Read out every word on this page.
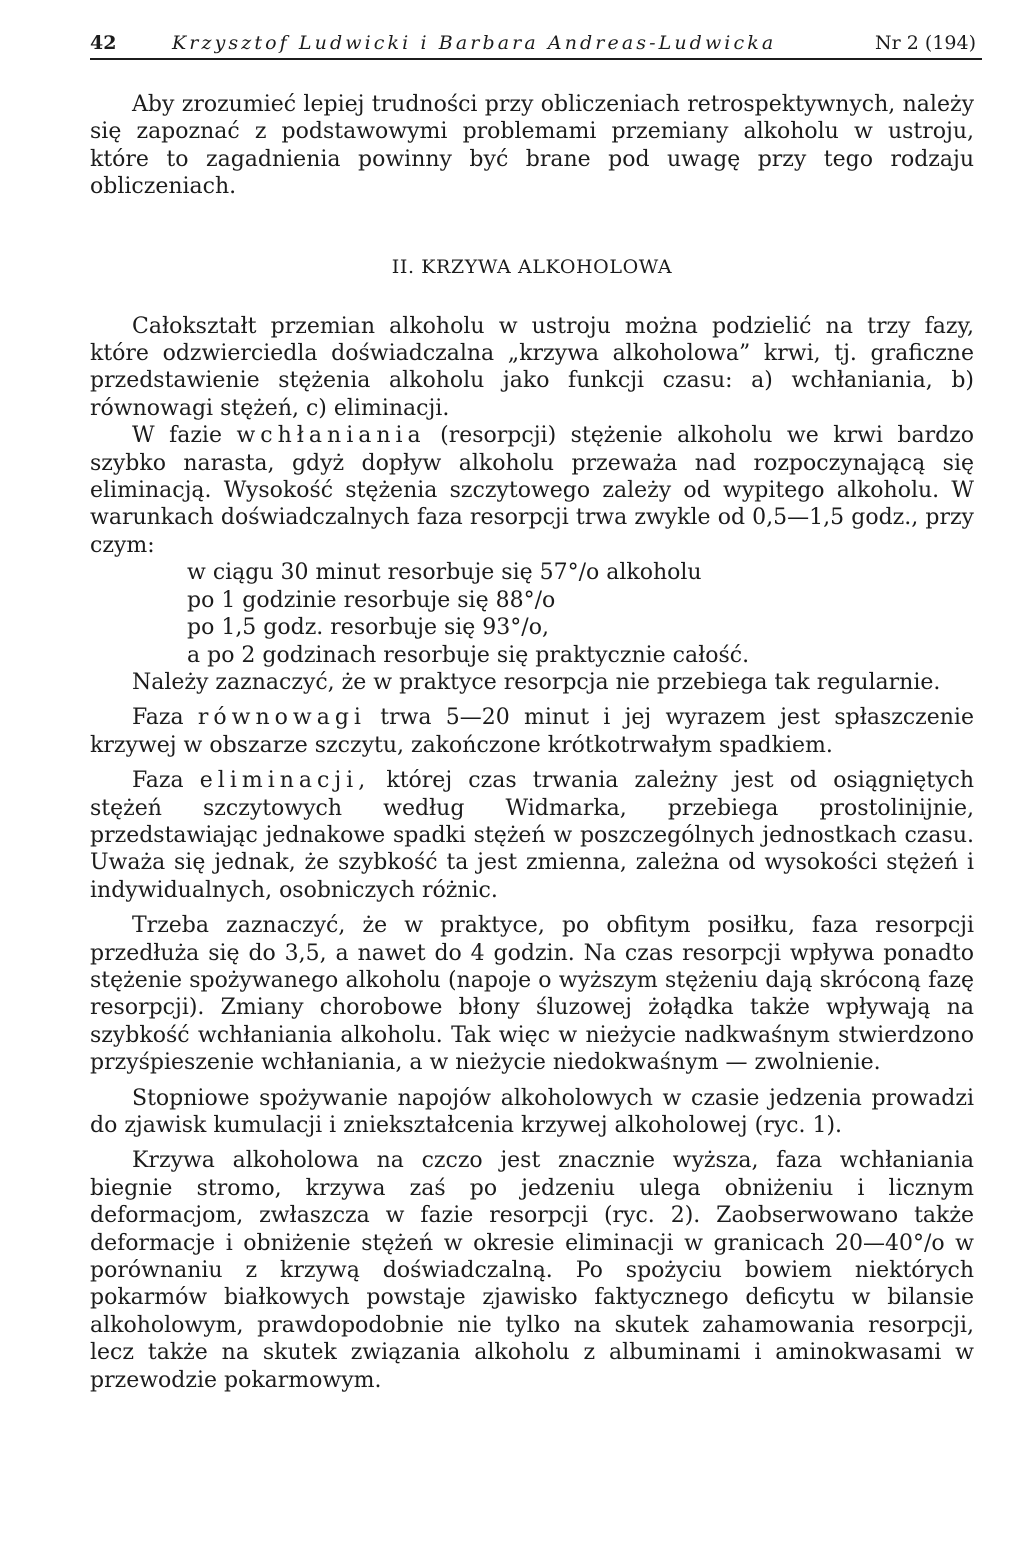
42	Krzysztof Ludwicki i Barbara Andreas-Ludwicka	Nr 2 (194)

Aby zrozumieć lepiej trudności przy obliczeniach retrospektywnych, należy się zapoznać z podstawowymi problemami przemiany alkoholu w ustroju, które to zagadnienia powinny być brane pod uwagę przy tego rodzaju obliczeniach.

II. KRZYWA ALKOHOLOWA

Całokształt przemian alkoholu w ustroju można podzielić na trzy fazy, które odzwierciedla doświadczalna „krzywa alkoholowa” krwi, tj. graficzne przedstawienie stężenia alkoholu jako funkcji czasu: a) wchłaniania, b) równowagi stężeń, c) eliminacji.

W fazie wchłaniania (resorpcji) stężenie alkoholu we krwi bardzo szybko narasta, gdyż dopływ alkoholu przeważa nad rozpoczynającą się eliminacją. Wysokość stężenia szczytowego zależy od wypitego alkoholu. W warunkach doświadczalnych faza resorpcji trwa zwykle od 0,5—1,5 godz., przy czym:

w ciągu 30 minut resorbuje się 57°/o alkoholu
po 1 godzinie resorbuje się 88°/o
po 1,5 godz. resorbuje się 93°/o,
a po 2 godzinach resorbuje się praktycznie całość.

Należy zaznaczyć, że w praktyce resorpcja nie przebiega tak regularnie.

Faza równowagi trwa 5—20 minut i jej wyrazem jest spłaszczenie krzywej w obszarze szczytu, zakończone krótkotrwałym spadkiem.

Faza eliminacji, której czas trwania zależny jest od osiągniętych stężeń szczytowych według Widmarka, przebiega prostolinijnie, przedstawiając jednakowe spadki stężeń w poszczególnych jednostkach czasu. Uważa się jednak, że szybkość ta jest zmienna, zależna od wysokości stężeń i indywidualnych, osobniczych różnic.

Trzeba zaznaczyć, że w praktyce, po obfitym posiłku, faza resorpcji przedłuża się do 3,5, a nawet do 4 godzin. Na czas resorpcji wpływa ponadto stężenie spożywanego alkoholu (napoje o wyższym stężeniu dają skróconą fazę resorpcji). Zmiany chorobowe błony śluzowej żołądka także wpływają na szybkość wchłaniania alkoholu. Tak więc w nieżycie nadkwaśnym stwierdzono przyśpieszenie wchłaniania, a w nieżycie niedokwaśnym — zwolnienie.

Stopniowe spożywanie napojów alkoholowych w czasie jedzenia prowadzi do zjawisk kumulacji i zniekształcenia krzywej alkoholowej (ryc. 1).

Krzywa alkoholowa na czczo jest znacznie wyższa, faza wchłaniania biegnie stromo, krzywa zaś po jedzeniu ulega obniżeniu i licznym deformacjom, zwłaszcza w fazie resorpcji (ryc. 2). Zaobserwowano także deformacje i obniżenie stężeń w okresie eliminacji w granicach 20—40°/o w porównaniu z krzywą doświadczalną. Po spożyciu bowiem niektórych pokarmów białkowych powstaje zjawisko faktycznego deficytu w bilansie alkoholowym, prawdopodobnie nie tylko na skutek zahamowania resorpcji, lecz także na skutek związania alkoholu z albuminami i aminokwasami w przewodzie pokarmowym.
